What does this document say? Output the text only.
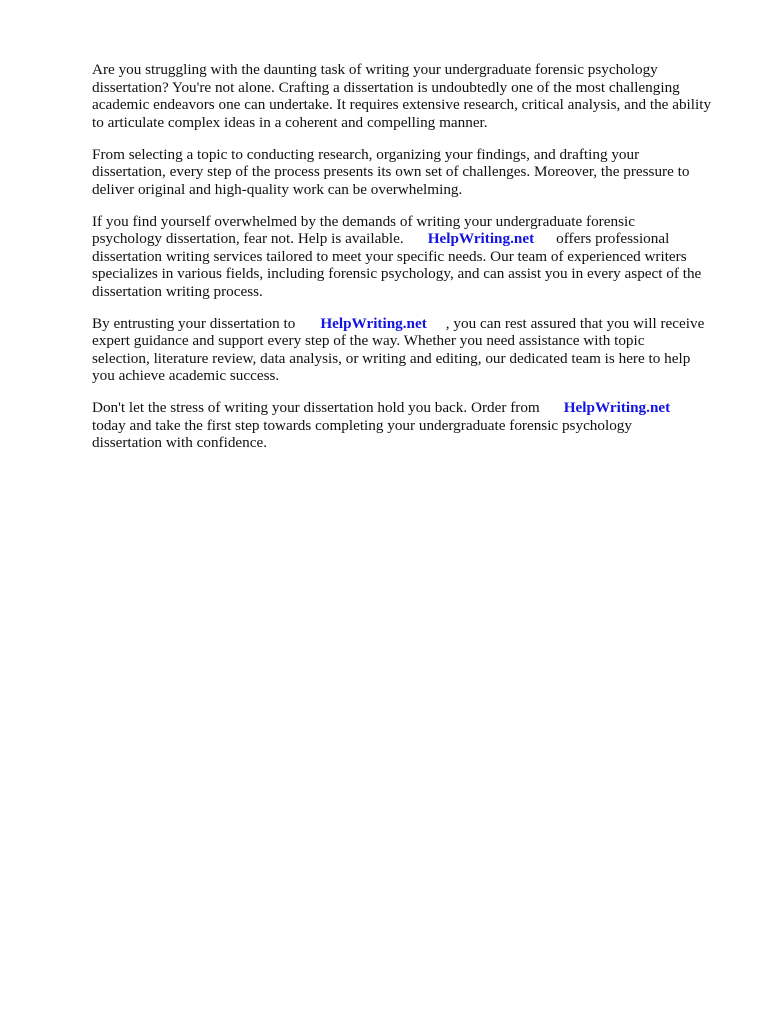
Are you struggling with the daunting task of writing your undergraduate forensic psychology
dissertation? You're not alone. Crafting a dissertation is undoubtedly one of the most challenging
academic endeavors one can undertake. It requires extensive research, critical analysis, and the ability
to articulate complex ideas in a coherent and compelling manner.

From selecting a topic to conducting research, organizing your findings, and drafting your
dissertation, every step of the process presents its own set of challenges. Moreover, the pressure to
deliver original and high-quality work can be overwhelming.

If you find yourself overwhelmed by the demands of writing your undergraduate forensic
psychology dissertation, fear not. Help is available. HelpWriting.net offers professional
dissertation writing services tailored to meet your specific needs. Our team of experienced writers
specializes in various fields, including forensic psychology, and can assist you in every aspect of the
dissertation writing process.

By entrusting your dissertation to HelpWriting.net , you can rest assured that you will receive
expert guidance and support every step of the way. Whether you need assistance with topic
selection, literature review, data analysis, or writing and editing, our dedicated team is here to help
you achieve academic success.

Don't let the stress of writing your dissertation hold you back. Order from HelpWriting.net
today and take the first step towards completing your undergraduate forensic psychology
dissertation with confidence.
